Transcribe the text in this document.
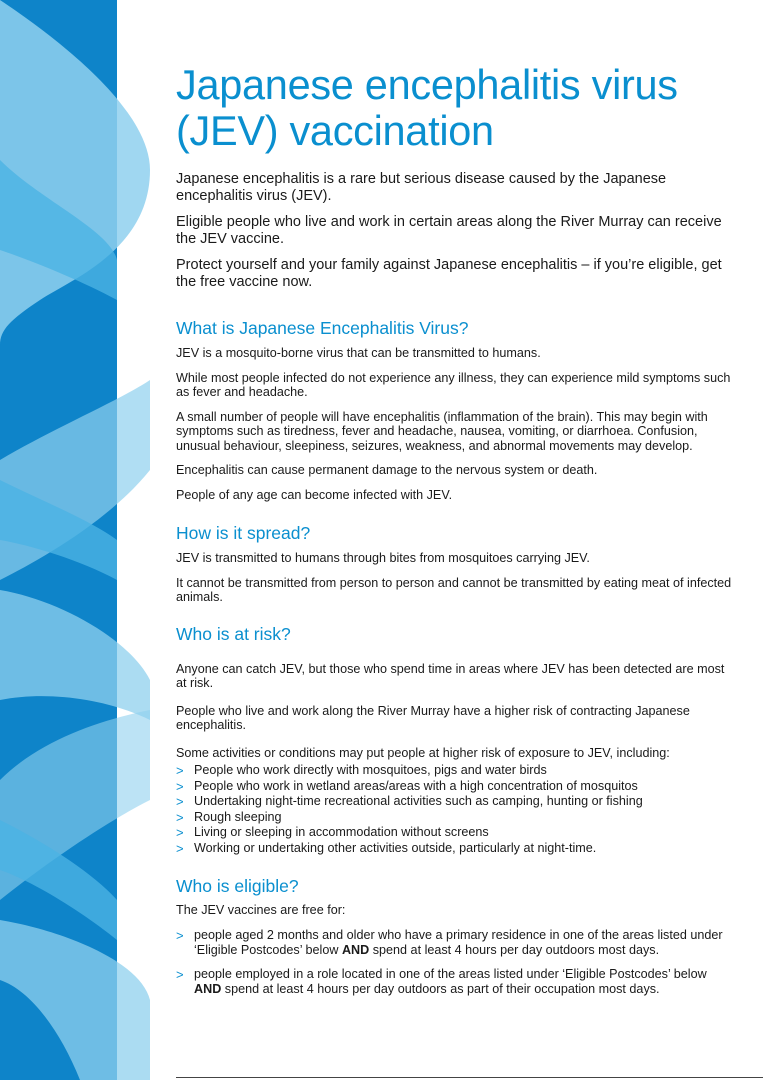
Japanese encephalitis virus (JEV) vaccination

Japanese encephalitis is a rare but serious disease caused by the Japanese encephalitis virus (JEV).

Eligible people who live and work in certain areas along the River Murray can receive the JEV vaccine.

Protect yourself and your family against Japanese encephalitis – if you’re eligible, get the free vaccine now.

What is Japanese Encephalitis Virus?

JEV is a mosquito-borne virus that can be transmitted to humans.

While most people infected do not experience any illness, they can experience mild symptoms such as fever and headache.

A small number of people will have encephalitis (inflammation of the brain). This may begin with symptoms such as tiredness, fever and headache, nausea, vomiting, or diarrhoea. Confusion, unusual behaviour, sleepiness, seizures, weakness, and abnormal movements may develop.

Encephalitis can cause permanent damage to the nervous system or death.

People of any age can become infected with JEV.

How is it spread?

JEV is transmitted to humans through bites from mosquitoes carrying JEV.

It cannot be transmitted from person to person and cannot be transmitted by eating meat of infected animals.

Who is at risk?

Anyone can catch JEV, but those who spend time in areas where JEV has been detected are most at risk.

People who live and work along the River Murray have a higher risk of contracting Japanese encephalitis.

Some activities or conditions may put people at higher risk of exposure to JEV, including:

> People who work directly with mosquitoes, pigs and water birds
> People who work in wetland areas/areas with a high concentration of mosquitos
> Undertaking night-time recreational activities such as camping, hunting or fishing
> Rough sleeping
> Living or sleeping in accommodation without screens
> Working or undertaking other activities outside, particularly at night-time.
Who is eligible?

The JEV vaccines are free for:

> people aged 2 months and older who have a primary residence in one of the areas listed under ‘Eligible Postcodes’ below AND spend at least 4 hours per day outdoors most days.
> people employed in a role located in one of the areas listed under ‘Eligible Postcodes’ below AND spend at least 4 hours per day outdoors as part of their occupation most days.
